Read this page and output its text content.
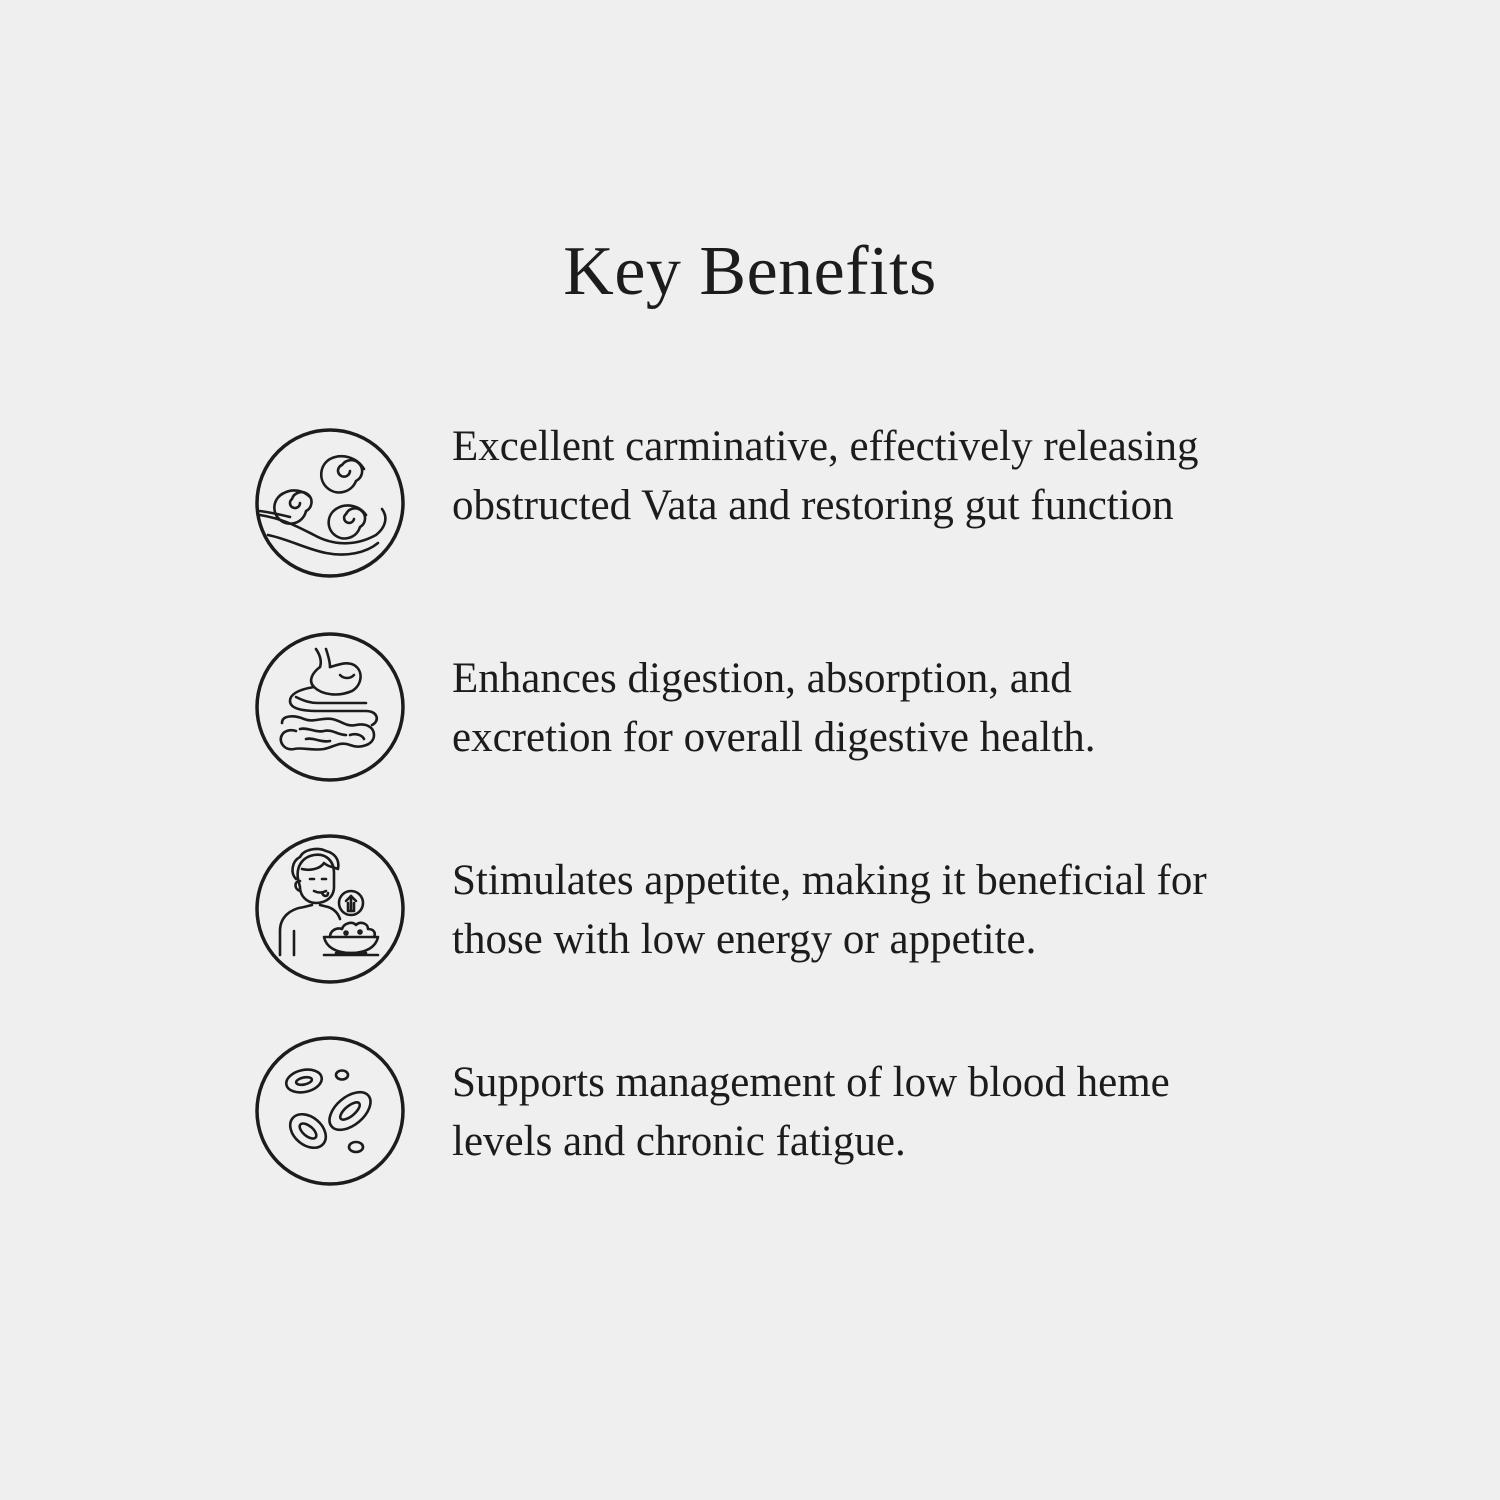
Key Benefits

Excellent carminative, effectively releasing obstructed Vata and restoring gut function

Enhances digestion, absorption, and excretion for overall digestive health.

Stimulates appetite, making it beneficial for those with low energy or appetite.

Supports management of low blood heme levels and chronic fatigue.
